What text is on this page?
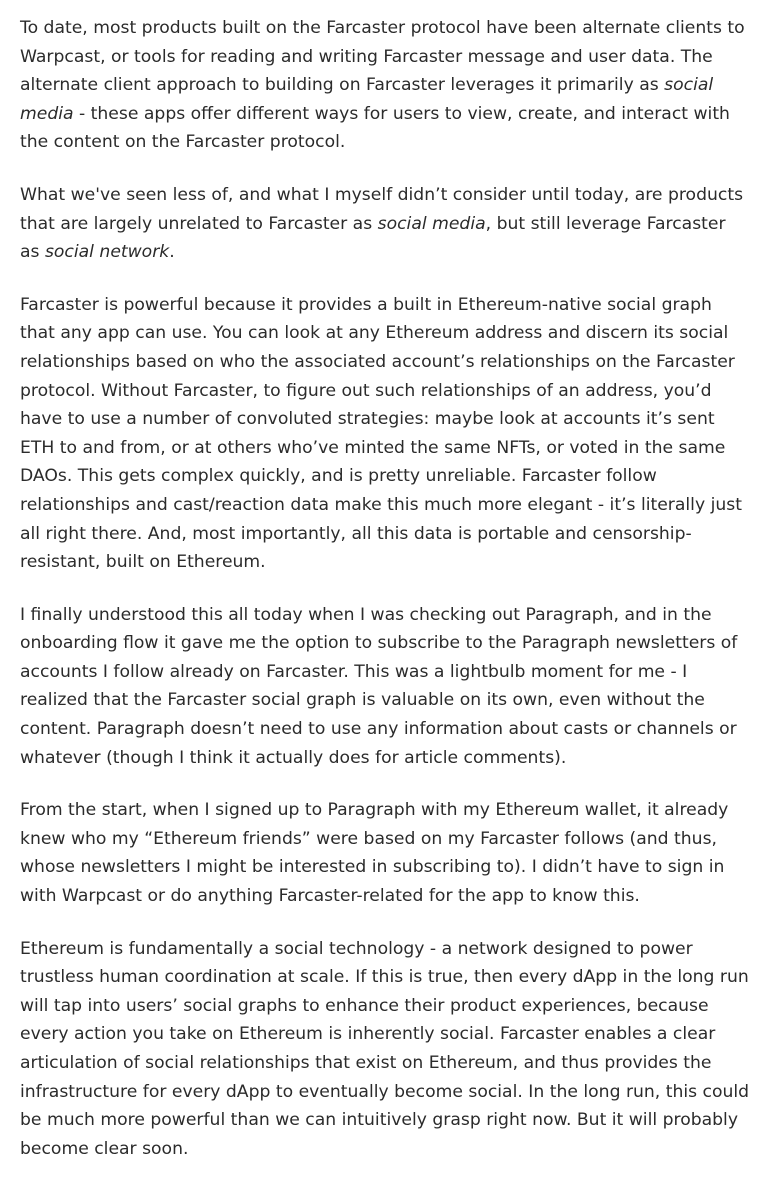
To date, most products built on the Farcaster protocol have been alternate clients to Warpcast, or tools for reading and writing Farcaster message and user data. The alternate client approach to building on Farcaster leverages it primarily as social media - these apps offer different ways for users to view, create, and interact with the content on the Farcaster protocol.

What we've seen less of, and what I myself didn’t consider until today, are products that are largely unrelated to Farcaster as social media, but still leverage Farcaster as social network.

Farcaster is powerful because it provides a built in Ethereum-native social graph that any app can use. You can look at any Ethereum address and discern its social relationships based on who the associated account’s relationships on the Farcaster protocol. Without Farcaster, to figure out such relationships of an address, you’d have to use a number of convoluted strategies: maybe look at accounts it’s sent ETH to and from, or at others who’ve minted the same NFTs, or voted in the same DAOs. This gets complex quickly, and is pretty unreliable. Farcaster follow relationships and cast/reaction data make this much more elegant - it’s literally just all right there. And, most importantly, all this data is portable and censorship-resistant, built on Ethereum.

I finally understood this all today when I was checking out Paragraph, and in the onboarding flow it gave me the option to subscribe to the Paragraph newsletters of accounts I follow already on Farcaster. This was a lightbulb moment for me - I realized that the Farcaster social graph is valuable on its own, even without the content. Paragraph doesn’t need to use any information about casts or channels or whatever (though I think it actually does for article comments).

From the start, when I signed up to Paragraph with my Ethereum wallet, it already knew who my “Ethereum friends” were based on my Farcaster follows (and thus, whose newsletters I might be interested in subscribing to). I didn’t have to sign in with Warpcast or do anything Farcaster-related for the app to know this.

Ethereum is fundamentally a social technology - a network designed to power trustless human coordination at scale. If this is true, then every dApp in the long run will tap into users’ social graphs to enhance their product experiences, because every action you take on Ethereum is inherently social. Farcaster enables a clear articulation of social relationships that exist on Ethereum, and thus provides the infrastructure for every dApp to eventually become social. In the long run, this could be much more powerful than we can intuitively grasp right now. But it will probably become clear soon.
